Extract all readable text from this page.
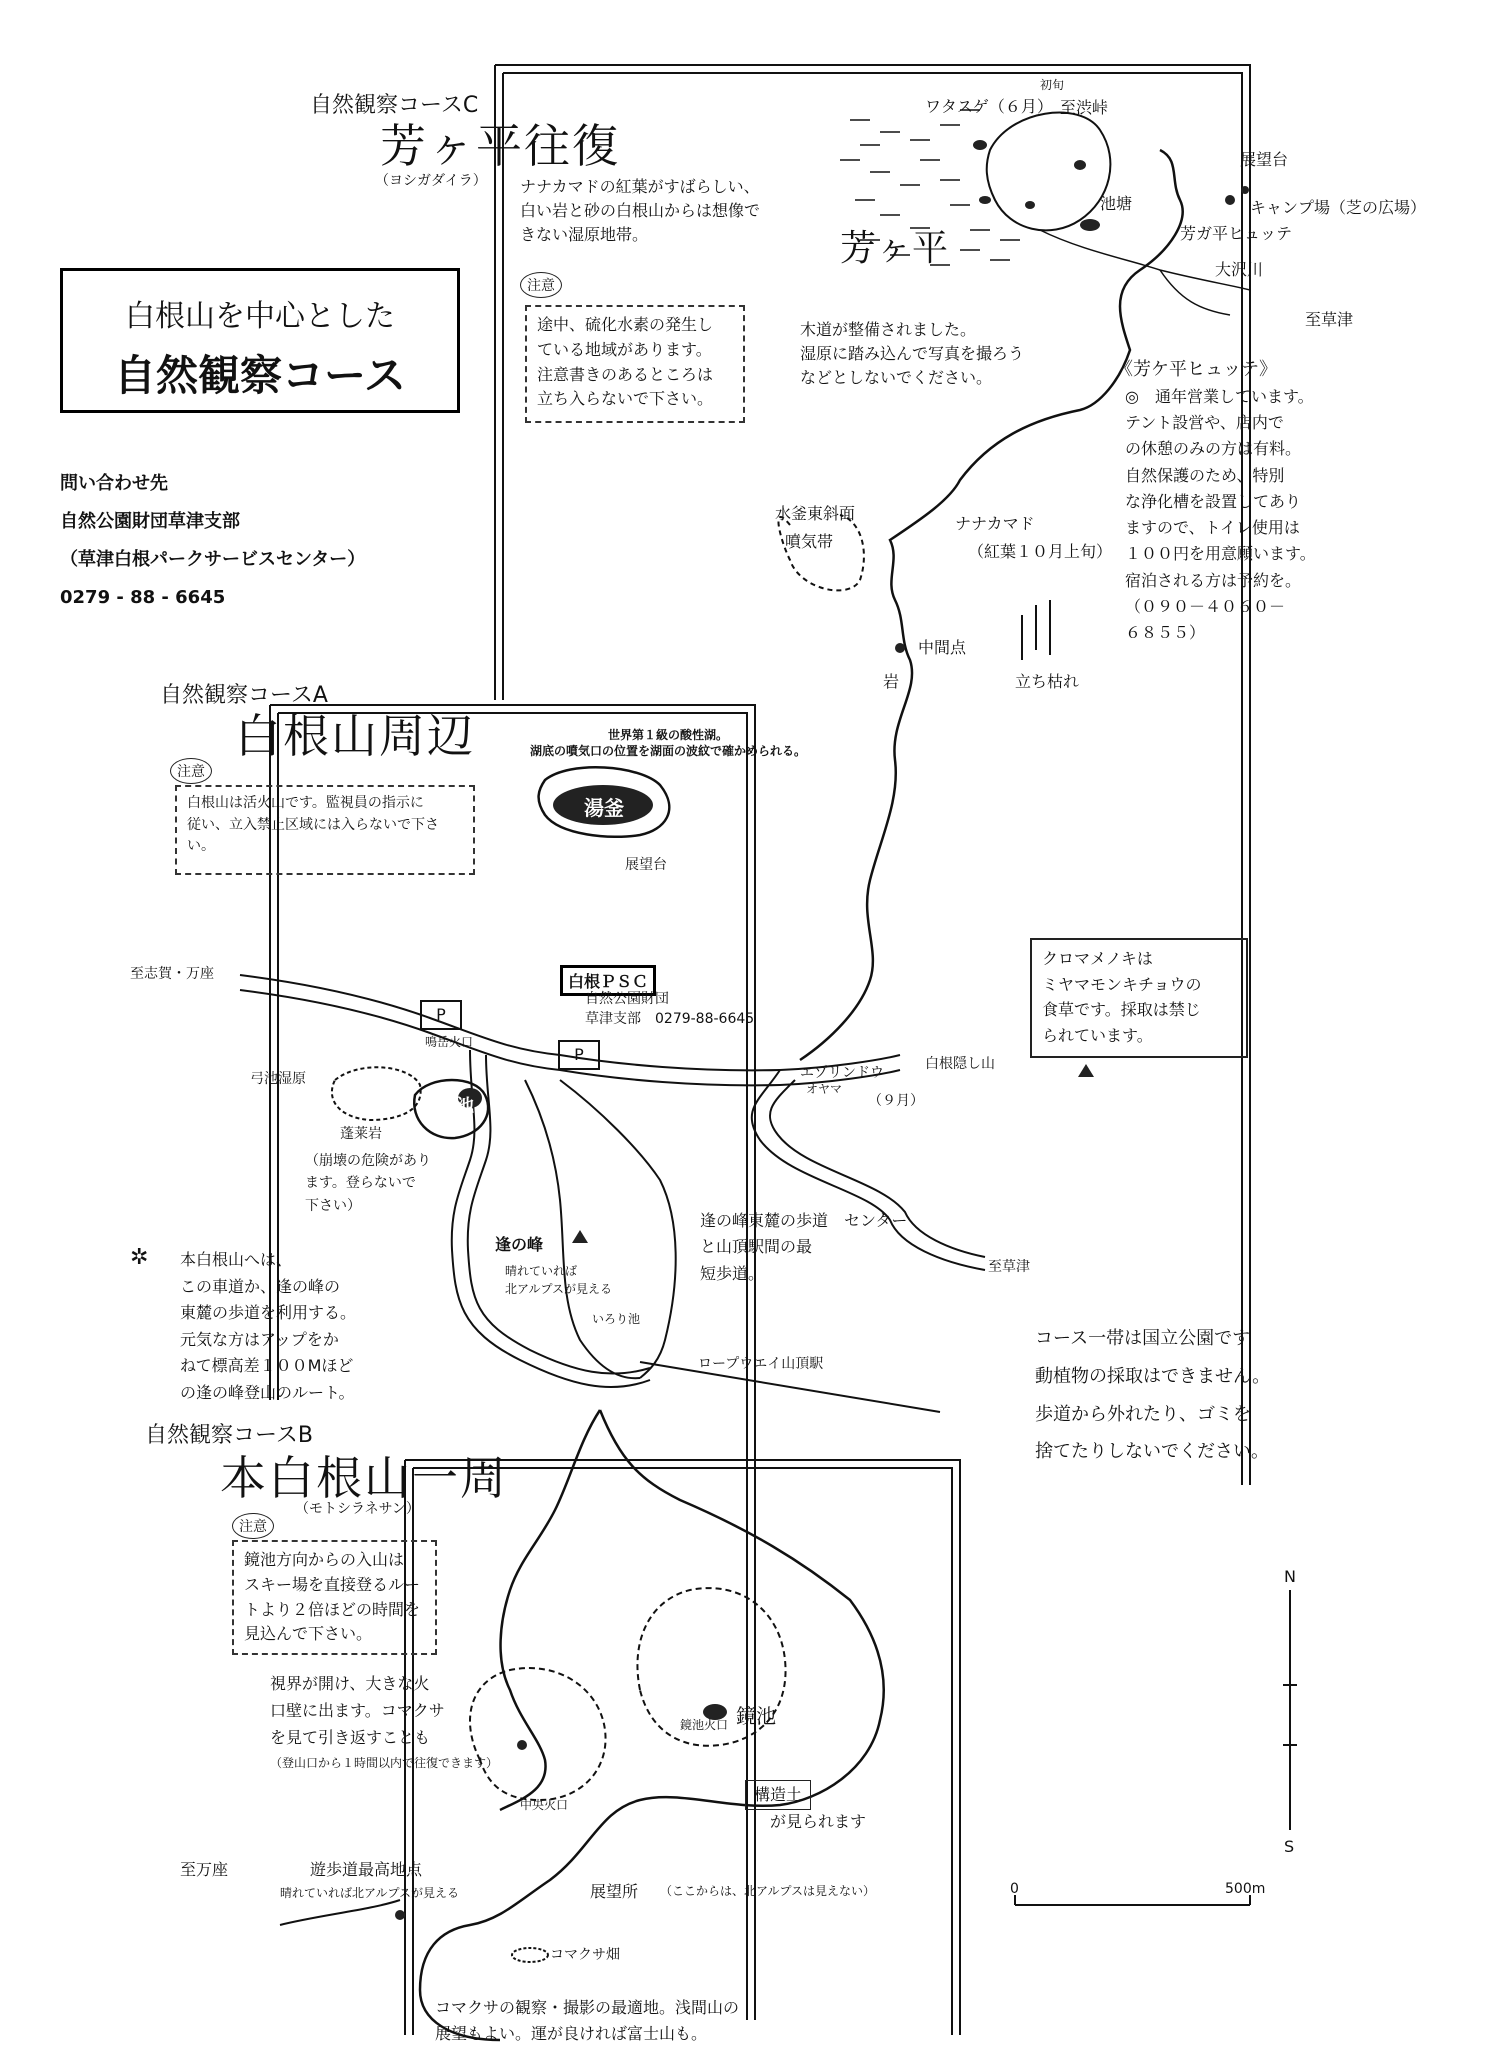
自然観察コースC
芳ヶ平往復
（ヨシガダイラ） ナナカマドの紅葉がすばらしい、
白い岩と砂の白根山からは想像で
きない湿原地帯。
注意
途中、硫化水素の発生し
ている地域があります。
注意書きのあるところは
立ち入らないで下さい。
芳ヶ平
木道が整備されました。
湿原に踏み込んで写真を撮ろう
などとしないでください。
白根山を中心とした
自然観察コース
問い合わせ先
自然公園財団草津支部
（草津白根パークサービスセンター）
0279 - 88 - 6645
ワタスゲ（６月）
初旬
至渋峠
展望台
池塘	キャンプ場（芝の広場）
芳ガ平ヒュッテ
大沢川
至草津
《芳ケ平ヒュッテ》
◎　通年営業しています。
テント設営や、店内で
の休憩のみの方は有料。
自然保護のため、特別
な浄化槽を設置してあり
ますので、トイレ使用は
１００円を用意願います。
宿泊される方は予約を。
（０９０－４０６０－
６８５５）
水釜東斜面
噴気帯
ナナカマド
（紅葉１０月上旬）
中間点
岩	立ち枯れ
クロマメノキは
ミヤマモンキチョウの
食草です。採取は禁じ
られています。
自然観察コースA
白根山周辺
注意
白根山は活火山です。監視員の指示に
従い、立入禁止区域には入らないで下さ
い。
世界第１級の酸性湖。
湖底の噴気口の位置を湖面の波紋で確かめられる。
湯釜
展望台
至志賀・万座	白根ＰＳＣ
自然公園財団
草津支部　0279-88-6645
P
P
鳴岳火口
弓池湿原
弓池
蓬莱岩
（崩壊の危険があり
ます。登らないで
下さい）
白根隠し山
エゾリンドウ
オヤマ
（９月）
✲ 本白根山へは、
この車道か、逢の峰の
東麓の歩道を利用する。
元気な方はアップをか
ねて標高差１００Mほど
の逢の峰登山のルート。
逢の峰
晴れていれば
北アルプスが見える
逢の峰東麓の歩道　センター
と山頂駅間の最
短歩道。	至草津
いろり池
ロープウエイ山頂駅
コース一帯は国立公園です
動植物の採取はできません。
歩道から外れたり、ゴミを
捨てたりしないでください。
自然観察コースB
本白根山一周
（モトシラネサン）
注意
鏡池方向からの入山は
スキー場を直接登るルー
トより２倍ほどの時間を
見込んで下さい。
視界が開け、大きな火
口壁に出ます。コマクサ
を見て引き返すことも
（登山口から１時間以内で往復できます）
中央火口
鏡池火口 鏡池
構造土
が見られます
至万座	遊歩道最高地点
晴れていれば北アルプスが見える	展望所 （ここからは、北アルプスは見えない）
コマクサ畑
コマクサの観察・撮影の最適地。浅間山の
展望もよい。運が良ければ富士山も。
N
S
0	500m
